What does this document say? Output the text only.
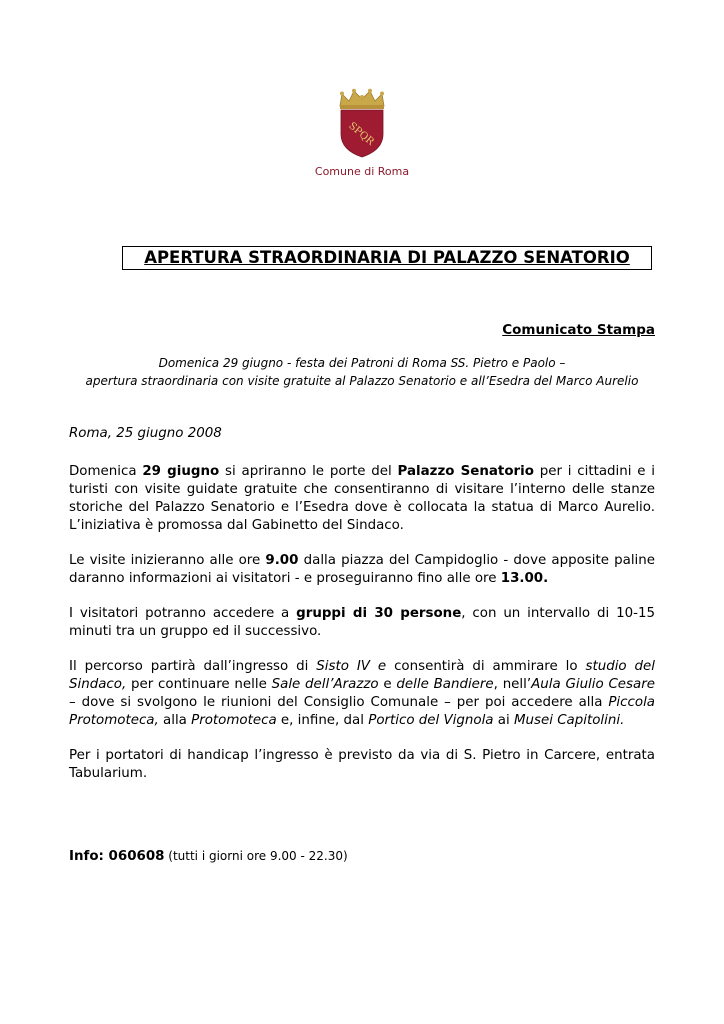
SPQR
Comune di Roma
APERTURA STRAORDINARIA DI PALAZZO SENATORIO
Comunicato Stampa
Domenica 29 giugno - festa dei Patroni di Roma SS. Pietro e Paolo –
apertura straordinaria con visite gratuite al Palazzo Senatorio e all’Esedra del Marco Aurelio

Roma, 25 giugno 2008

Domenica 29 giugno si apriranno le porte del Palazzo Senatorio per i cittadini e i turisti con visite guidate gratuite che consentiranno di visitare l’interno delle stanze storiche del Palazzo Senatorio e l’Esedra dove è collocata la statua di Marco Aurelio. L’iniziativa è promossa dal Gabinetto del Sindaco.

Le visite inizieranno alle ore 9.00 dalla piazza del Campidoglio - dove apposite paline daranno informazioni ai visitatori - e proseguiranno fino alle ore 13.00.

I visitatori potranno accedere a gruppi di 30 persone, con un intervallo di 10-15 minuti tra un gruppo ed il successivo.

Il percorso partirà dall’ingresso di Sisto IV e consentirà di ammirare lo studio del Sindaco, per continuare nelle Sale dell’Arazzo e delle Bandiere, nell’Aula Giulio Cesare – dove si svolgono le riunioni del Consiglio Comunale – per poi accedere alla Piccola Protomoteca, alla Protomoteca e, infine, dal Portico del Vignola ai Musei Capitolini.

Per i portatori di handicap l’ingresso è previsto da via di S. Pietro in Carcere, entrata Tabularium.

Info: 060608 (tutti i giorni ore 9.00 - 22.30)
